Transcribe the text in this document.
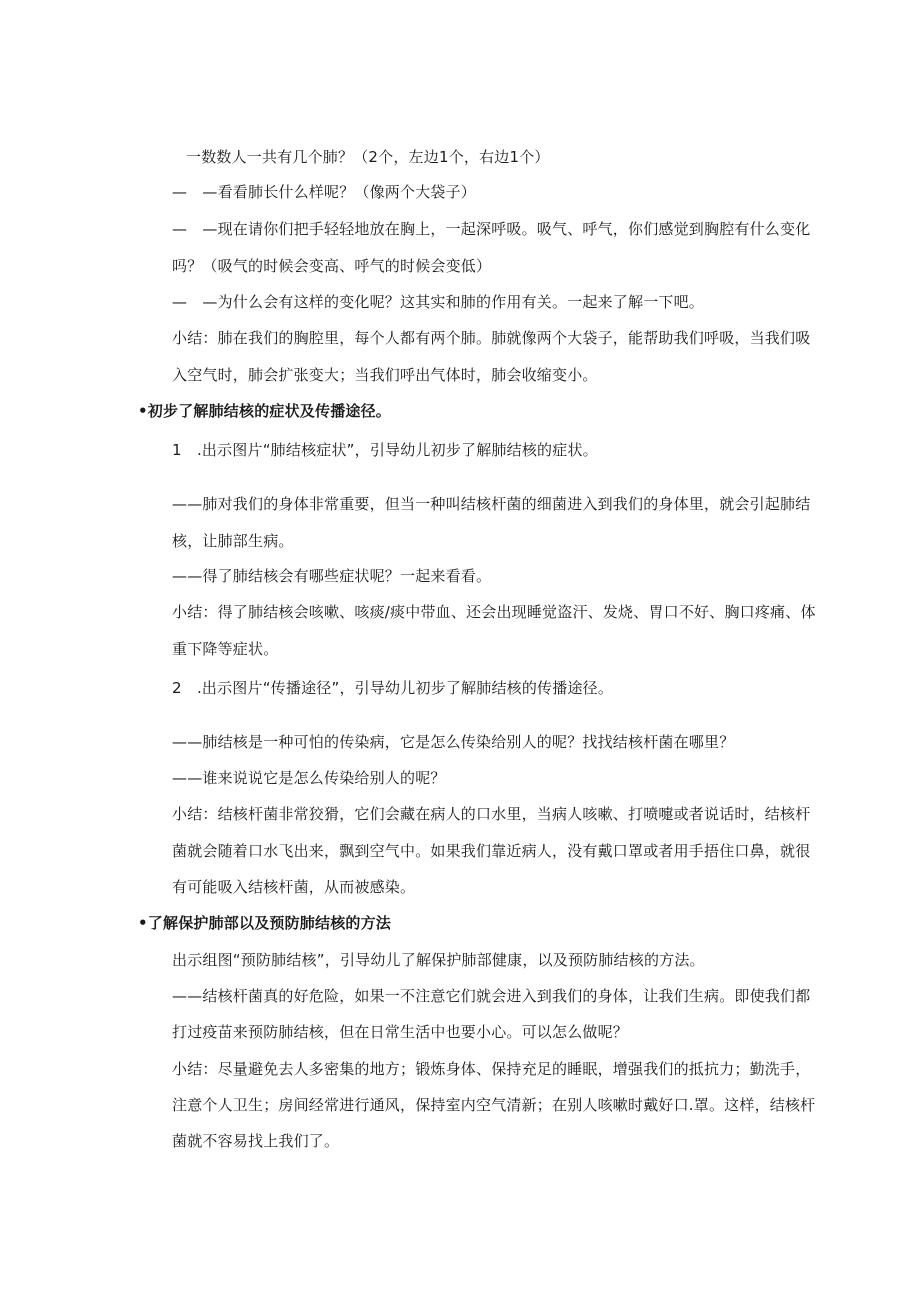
一数数人一共有几个肺？（2个，左边1个，右边1个）
—　—看看肺长什么样呢？（像两个大袋子）
—　—现在请你们把手轻轻地放在胸上，一起深呼吸。吸气、呼气，你们感觉到胸腔有什么变化
吗？（吸气的时候会变高、呼气的时候会变低）
—　—为什么会有这样的变化呢？这其实和肺的作用有关。一起来了解一下吧。
小结：肺在我们的胸腔里，每个人都有两个肺。肺就像两个大袋子，能帮助我们呼吸，当我们吸
入空气时，肺会扩张变大；当我们呼出气体时，肺会收缩变小。
•初步了解肺结核的症状及传播途径。
1　.出示图片“肺结核症状”，引导幼儿初步了解肺结核的症状。
——肺对我们的身体非常重要，但当一种叫结核杆菌的细菌进入到我们的身体里，就会引起肺结
核，让肺部生病。
——得了肺结核会有哪些症状呢？一起来看看。
小结：得了肺结核会咳嗽、咳痰/痰中带血、还会出现睡觉盗汗、发烧、胃口不好、胸口疼痛、体
重下降等症状。
2　.出示图片“传播途径”，引导幼儿初步了解肺结核的传播途径。
——肺结核是一种可怕的传染病，它是怎么传染给别人的呢？找找结核杆菌在哪里？
——谁来说说它是怎么传染给别人的呢？
小结：结核杆菌非常狡猾，它们会藏在病人的口水里，当病人咳嗽、打喷嚏或者说话时，结核杆
菌就会随着口水飞出来，飘到空气中。如果我们靠近病人，没有戴口罩或者用手捂住口鼻，就很
有可能吸入结核杆菌，从而被感染。
•了解保护肺部以及预防肺结核的方法
出示组图“预防肺结核”，引导幼儿了解保护肺部健康，以及预防肺结核的方法。
——结核杆菌真的好危险，如果一不注意它们就会进入到我们的身体，让我们生病。即使我们都
打过疫苗来预防肺结核，但在日常生活中也要小心。可以怎么做呢？
小结：尽量避免去人多密集的地方；锻炼身体、保持充足的睡眠，增强我们的抵抗力；勤洗手，
注意个人卫生；房间经常进行通风，保持室内空气清新；在别人咳嗽时戴好口.罩。这样，结核杆
菌就不容易找上我们了。
